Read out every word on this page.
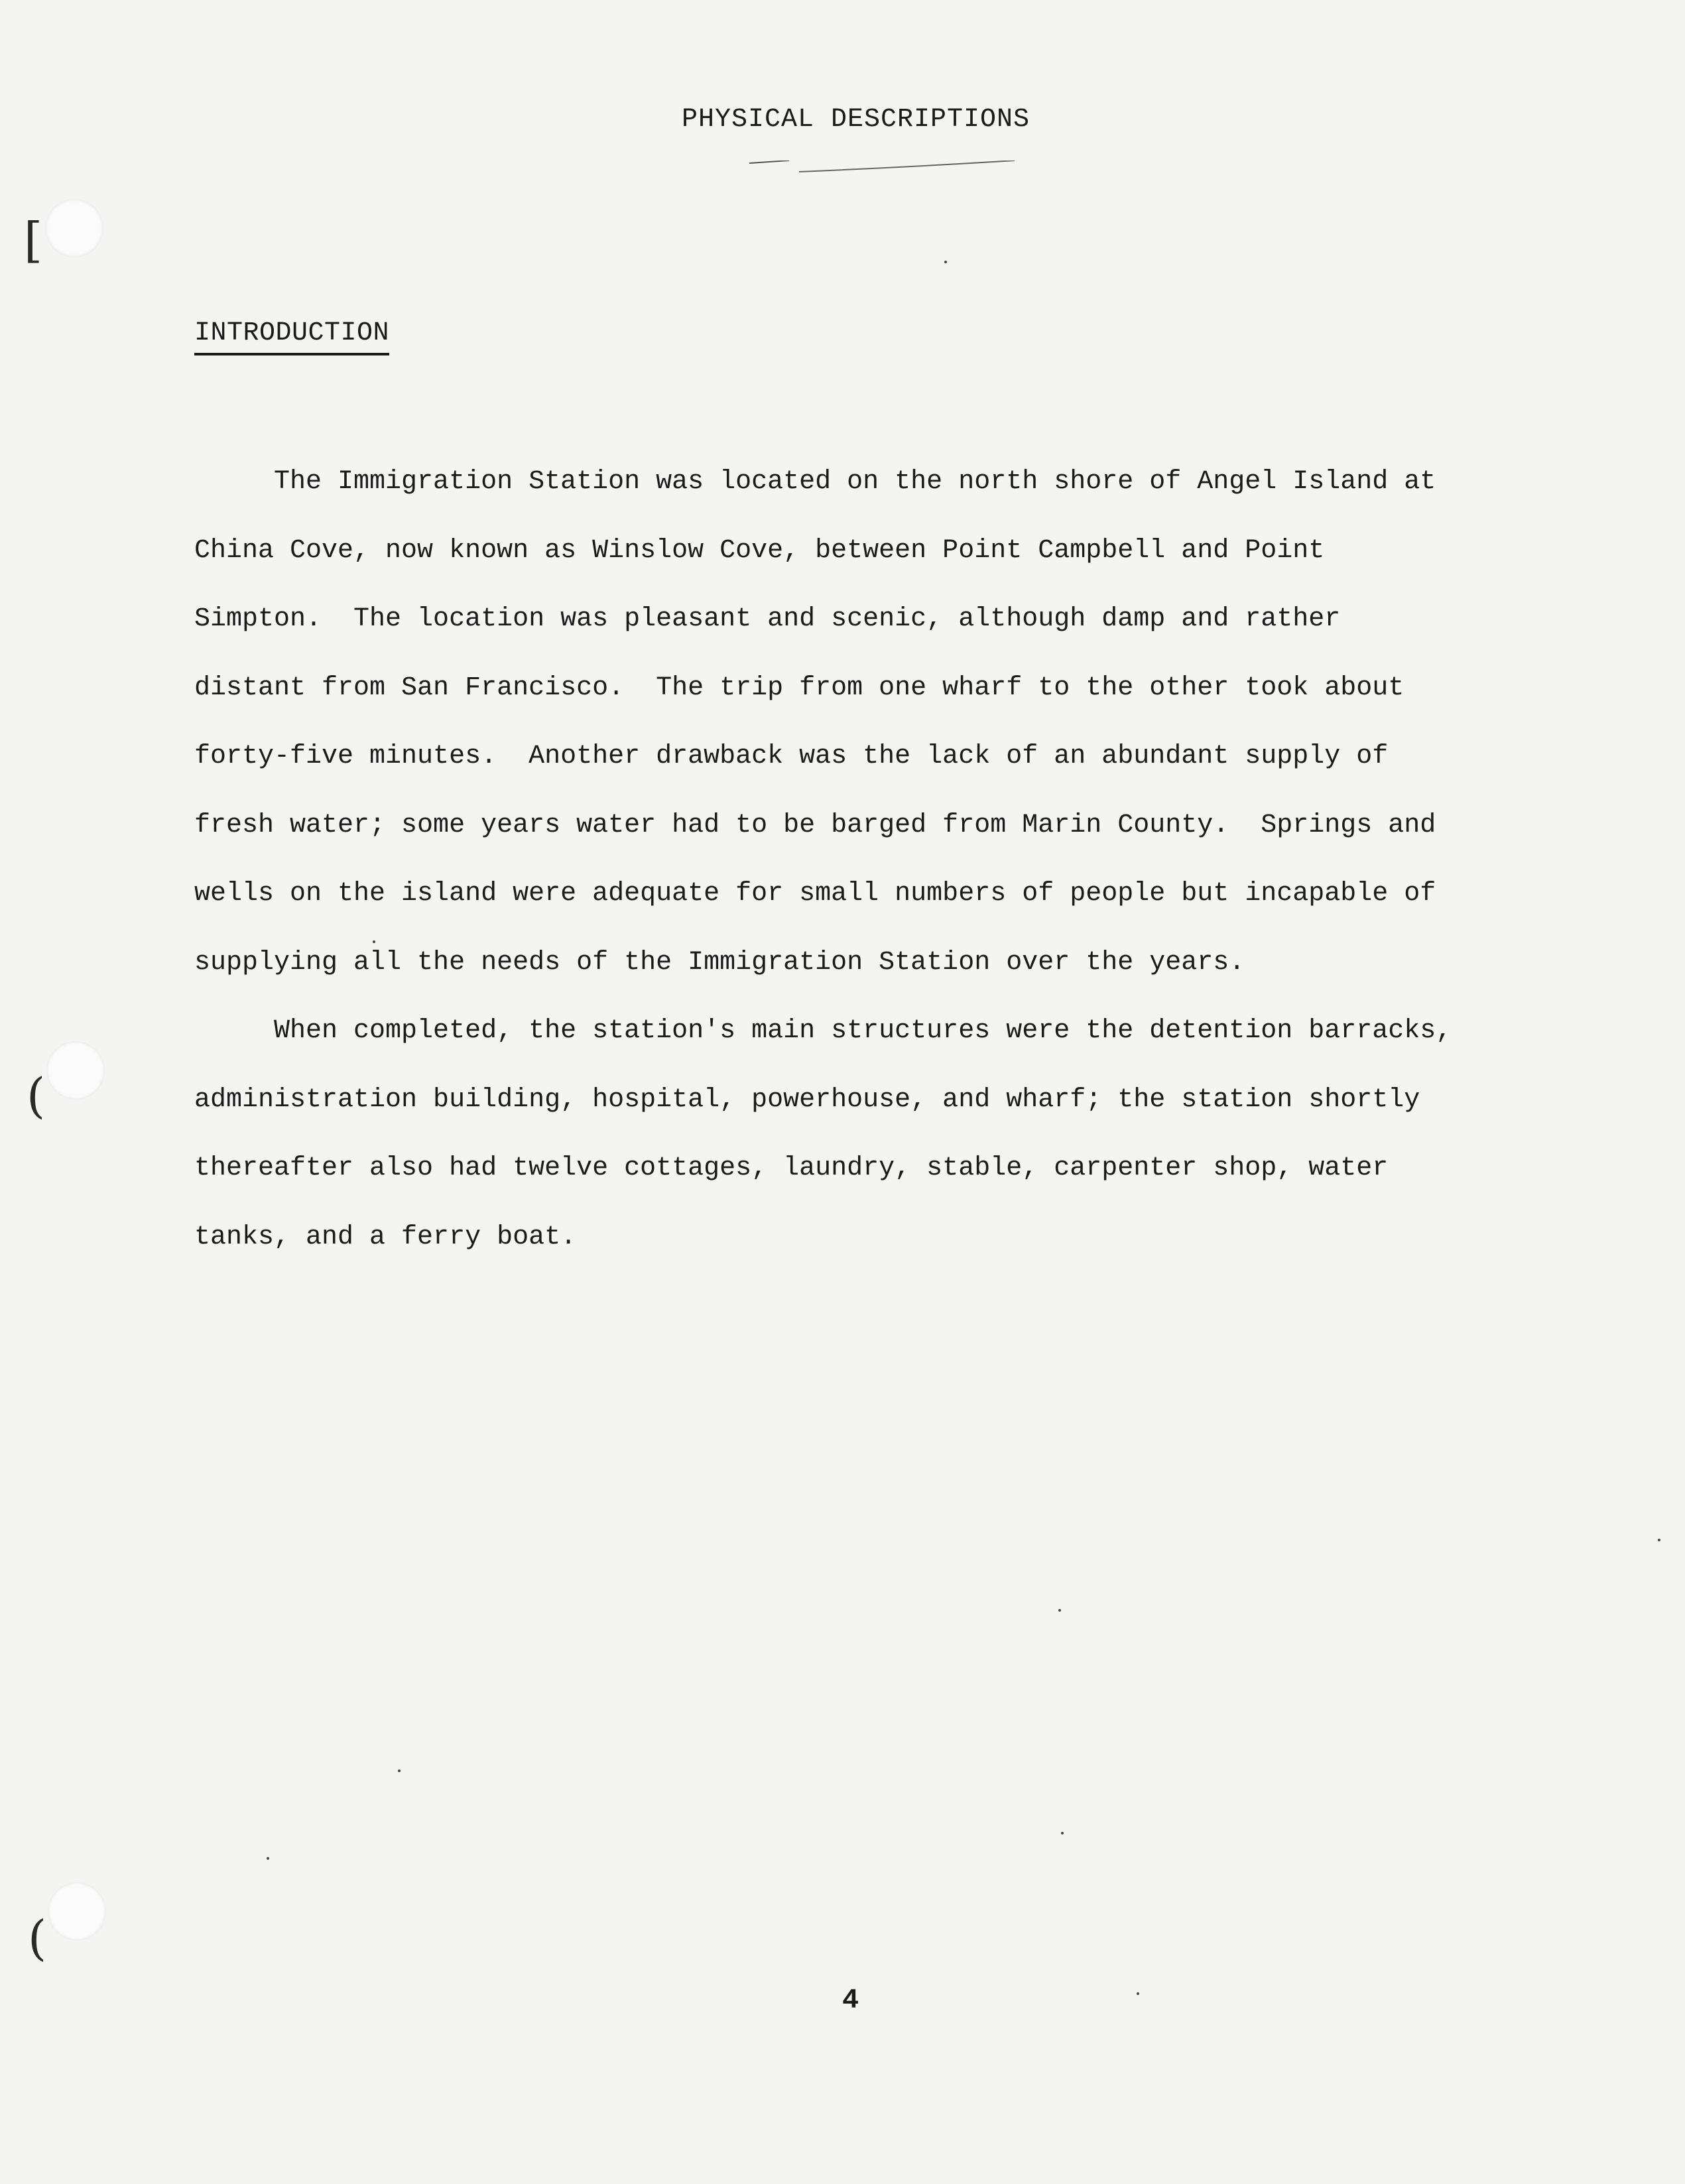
[
(
(
PHYSICAL DESCRIPTIONS
INTRODUCTION
The Immigration Station was located on the north shore of Angel Island at
China Cove, now known as Winslow Cove, between Point Campbell and Point
Simpton.  The location was pleasant and scenic, although damp and rather
distant from San Francisco.  The trip from one wharf to the other took about
forty-five minutes.  Another drawback was the lack of an abundant supply of
fresh water; some years water had to be barged from Marin County.  Springs and
wells on the island were adequate for small numbers of people but incapable of
supplying all the needs of the Immigration Station over the years.
When completed, the station's main structures were the detention barracks,
administration building, hospital, powerhouse, and wharf; the station shortly
thereafter also had twelve cottages, laundry, stable, carpenter shop, water
tanks, and a ferry boat.
4
